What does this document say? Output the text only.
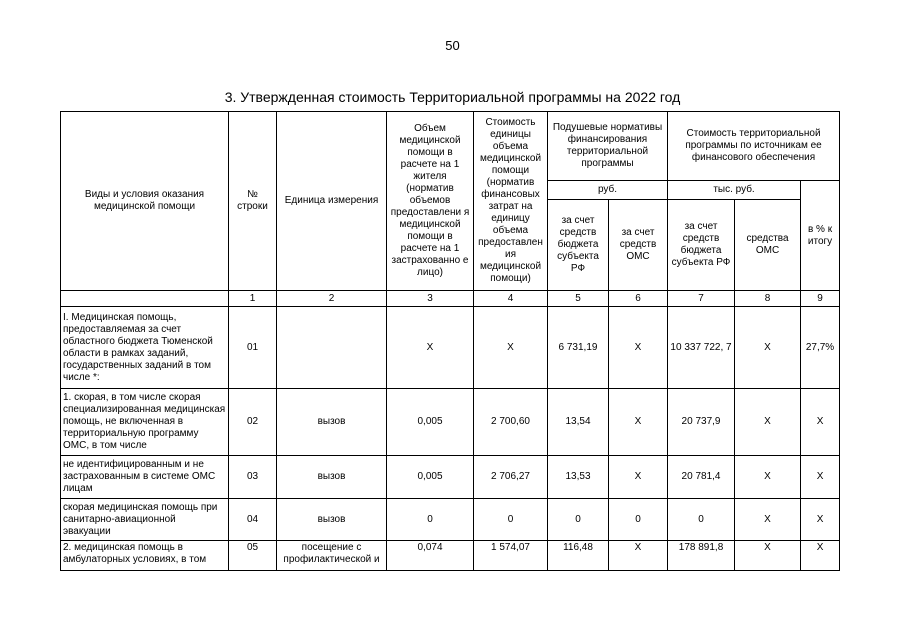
50
3. Утвержденная стоимость Территориальной программы на 2022 год
Виды и условия оказания медицинской помощи	№ строки	Единица измерения	Объем медицинской помощи в расчете на 1 жителя (норматив объемов предоставлени я медицинской помощи в расчете на 1 застрахованно е лицо)	Стоимость единицы объема медицинской помощи (норматив финансовых затрат на единицу объема предоставлен ия медицинской помощи)	Подушевые нормативы финансирования территориальной программы		Стоимость территориальной программы по источникам ее финансового обеспечения		
					руб.		тыс. руб.		в % к итогу
					за счет средств бюджета субъекта РФ	за счет средств ОМС	за счет средств бюджета субъекта РФ	средства ОМС	
	1	2	3	4	5	6	7	8	9
I. Медицинская помощь, предоставляемая за счет областного бюджета Тюменской области в рамках заданий, государственных заданий в том числе *:	01		X	X	6 731,19	X	10 337 722, 7	X	27,7%
1. скорая, в том числе скорая специализированная медицинская помощь, не включенная в территориальную программу ОМС, в том числе	02	вызов	0,005	2 700,60	13,54	X	20 737,9	X	X
не идентифицированным и не застрахованным в системе ОМС лицам	03	вызов	0,005	2 706,27	13,53	X	20 781,4	X	X
скорая медицинская помощь при санитарно-авиационной эвакуации	04	вызов	0	0	0	0	0	X	X
2. медицинская помощь в амбулаторных условиях, в том	05	посещение с профилактической и	0,074	1 574,07	116,48	X	178 891,8	X	X
